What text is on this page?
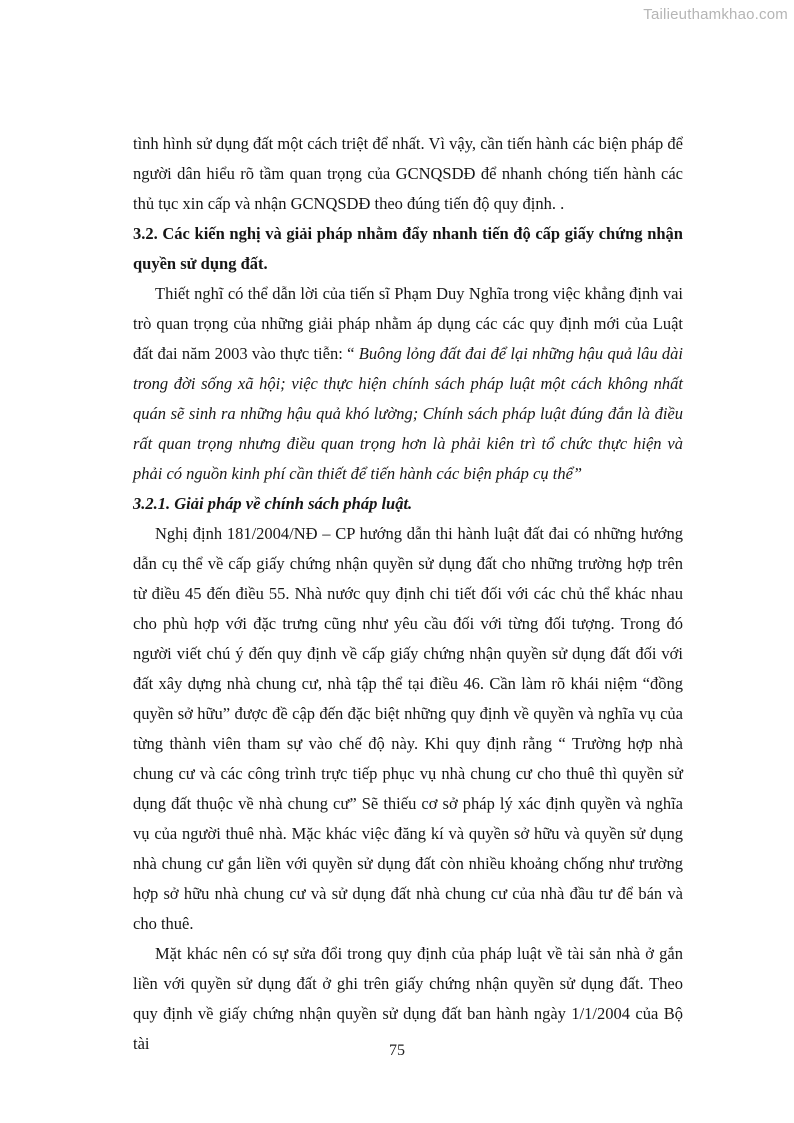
Tailieuthamkhao.com

tình hình sử dụng đất một cách triệt để nhất. Vì vậy, cần tiến hành các biện pháp để người dân hiểu rõ tầm quan trọng của GCNQSDĐ để nhanh chóng tiến hành các thủ tục xin cấp và nhận GCNQSDĐ theo đúng tiến độ quy định. .

3.2. Các kiến nghị và giải pháp nhằm đẩy nhanh tiến độ cấp giấy chứng nhận quyền sử dụng đất.

Thiết nghĩ có thể dẫn lời của tiến sĩ Phạm Duy Nghĩa trong việc khẳng định vai trò quan trọng của những giải pháp nhằm áp dụng các các quy định mới của Luật đất đai năm 2003 vào thực tiễn: “ Buông lỏng đất đai để lại những hậu quả lâu dài trong đời sống xã hội; việc thực hiện chính sách pháp luật một cách không nhất quán sẽ sinh ra những hậu quả khó lường; Chính sách pháp luật đúng đắn là điều rất quan trọng nhưng điều quan trọng hơn là phải kiên trì tổ chức thực hiện và phải có nguồn kinh phí cần thiết để tiến hành các biện pháp cụ thể”

3.2.1. Giải pháp về chính sách pháp luật.

Nghị định 181/2004/NĐ – CP hướng dẫn thi hành luật đất đai có những hướng dẫn cụ thể về cấp giấy chứng nhận quyền sử dụng đất cho những trường hợp trên từ điều 45 đến điều 55. Nhà nước quy định chi tiết đối với các chủ thể khác nhau cho phù hợp với đặc trưng cũng như yêu cầu đối với từng đối tượng. Trong đó người viết chú ý đến quy định về cấp giấy chứng nhận quyền sử dụng đất đối với đất xây dựng nhà chung cư, nhà tập thể tại điều 46. Cần làm rõ khái niệm “đồng quyền sở hữu” được đề cập đến đặc biệt những quy định về quyền và nghĩa vụ của từng thành viên tham sự vào chế độ này. Khi quy định rằng “ Trường hợp nhà chung cư và các công trình trực tiếp phục vụ nhà chung cư cho thuê thì quyền sử dụng đất thuộc về nhà chung cư” Sẽ thiếu cơ sở pháp lý xác định quyền và nghĩa vụ của người thuê nhà. Mặc khác việc đăng kí và quyền sở hữu và quyền sử dụng nhà chung cư gắn liền với quyền sử dụng đất còn nhiều khoảng chống như trường hợp sở hữu nhà chung cư và sử dụng đất nhà chung cư của nhà đầu tư để bán và cho thuê.

Mặt khác nên có sự sửa đổi trong quy định của pháp luật về tài sản nhà ở gắn liền với quyền sử dụng đất ở ghi trên giấy chứng nhận quyền sử dụng đất. Theo quy định về giấy chứng nhận quyền sử dụng đất ban hành ngày 1/1/2004 của Bộ tài	75
